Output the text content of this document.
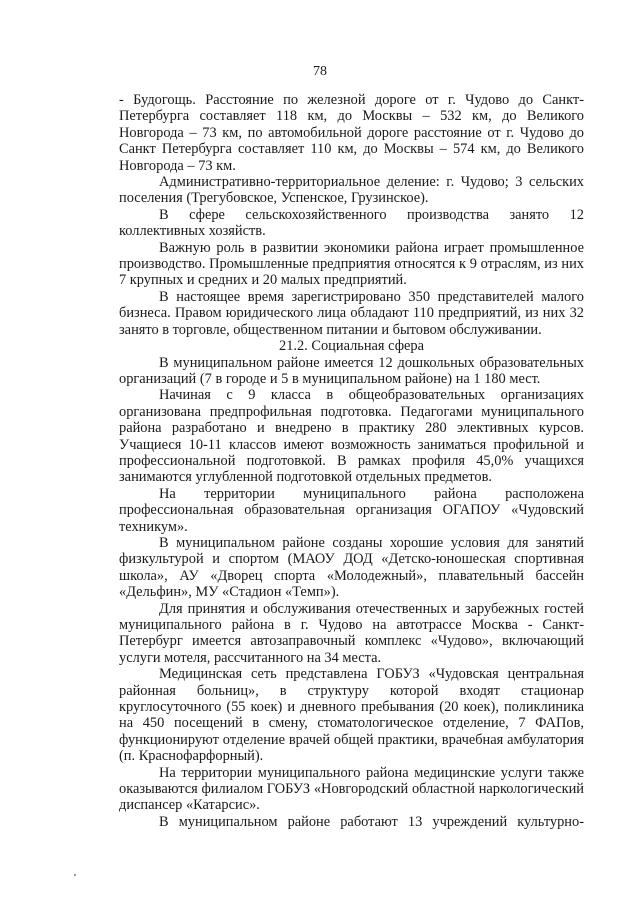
78

- Будогощь. Расстояние по железной дороге от г. Чудово до Санкт-Петербурга составляет 118 км, до Москвы – 532 км, до Великого Новгорода – 73 км, по автомобильной дороге расстояние от г. Чудово до Санкт Петербурга составляет 110 км, до Москвы – 574 км, до Великого Новгорода – 73 км.

Административно-территориальное деление: г. Чудово; 3 сельских поселения (Трегубовское, Успенское, Грузинское).

В сфере сельскохозяйственного производства занято 12 коллективных хозяйств.

Важную роль в развитии экономики района играет промышленное производство. Промышленные предприятия относятся к 9 отраслям, из них 7 крупных и средних и 20 малых предприятий.

В настоящее время зарегистрировано 350 представителей малого бизнеса. Правом юридического лица обладают 110 предприятий, из них 32 занято в торговле, общественном питании и бытовом обслуживании.

21.2. Социальная сфера

В муниципальном районе имеется 12 дошкольных образовательных организаций (7 в городе и 5 в муниципальном районе) на 1 180 мест.

Начиная с 9 класса в общеобразовательных организациях организована предпрофильная подготовка. Педагогами муниципального района разработано и внедрено в практику 280 элективных курсов. Учащиеся 10-11 классов имеют возможность заниматься профильной и профессиональной подготовкой. В рамках профиля 45,0% учащихся занимаются углубленной подготовкой отдельных предметов.

На территории муниципального района расположена профессиональная образовательная организация ОГАПОУ «Чудовский техникум».

В муниципальном районе созданы хорошие условия для занятий физкультурой и спортом (МАОУ ДОД «Детско-юношеская спортивная школа», АУ «Дворец спорта «Молодежный», плавательный бассейн «Дельфин», МУ «Стадион «Темп»).

Для принятия и обслуживания отечественных и зарубежных гостей муниципального района в г. Чудово на автотрассе Москва - Санкт-Петербург имеется автозаправочный комплекс «Чудово», включающий услуги мотеля, рассчитанного на 34 места.

Медицинская сеть представлена ГОБУЗ «Чудовская центральная районная больниц», в структуру которой входят стационар круглосуточного (55 коек) и дневного пребывания (20 коек), поликлиника на 450 посещений в смену, стоматологическое отделение, 7 ФАПов, функционируют отделение врачей общей практики, врачебная амбулатория (п. Краснофарфорный).

На территории муниципального района медицинские услуги также оказываются филиалом ГОБУЗ «Новгородский областной наркологический диспансер «Катарсис».

В муниципальном районе работают 13 учреждений культурно-
